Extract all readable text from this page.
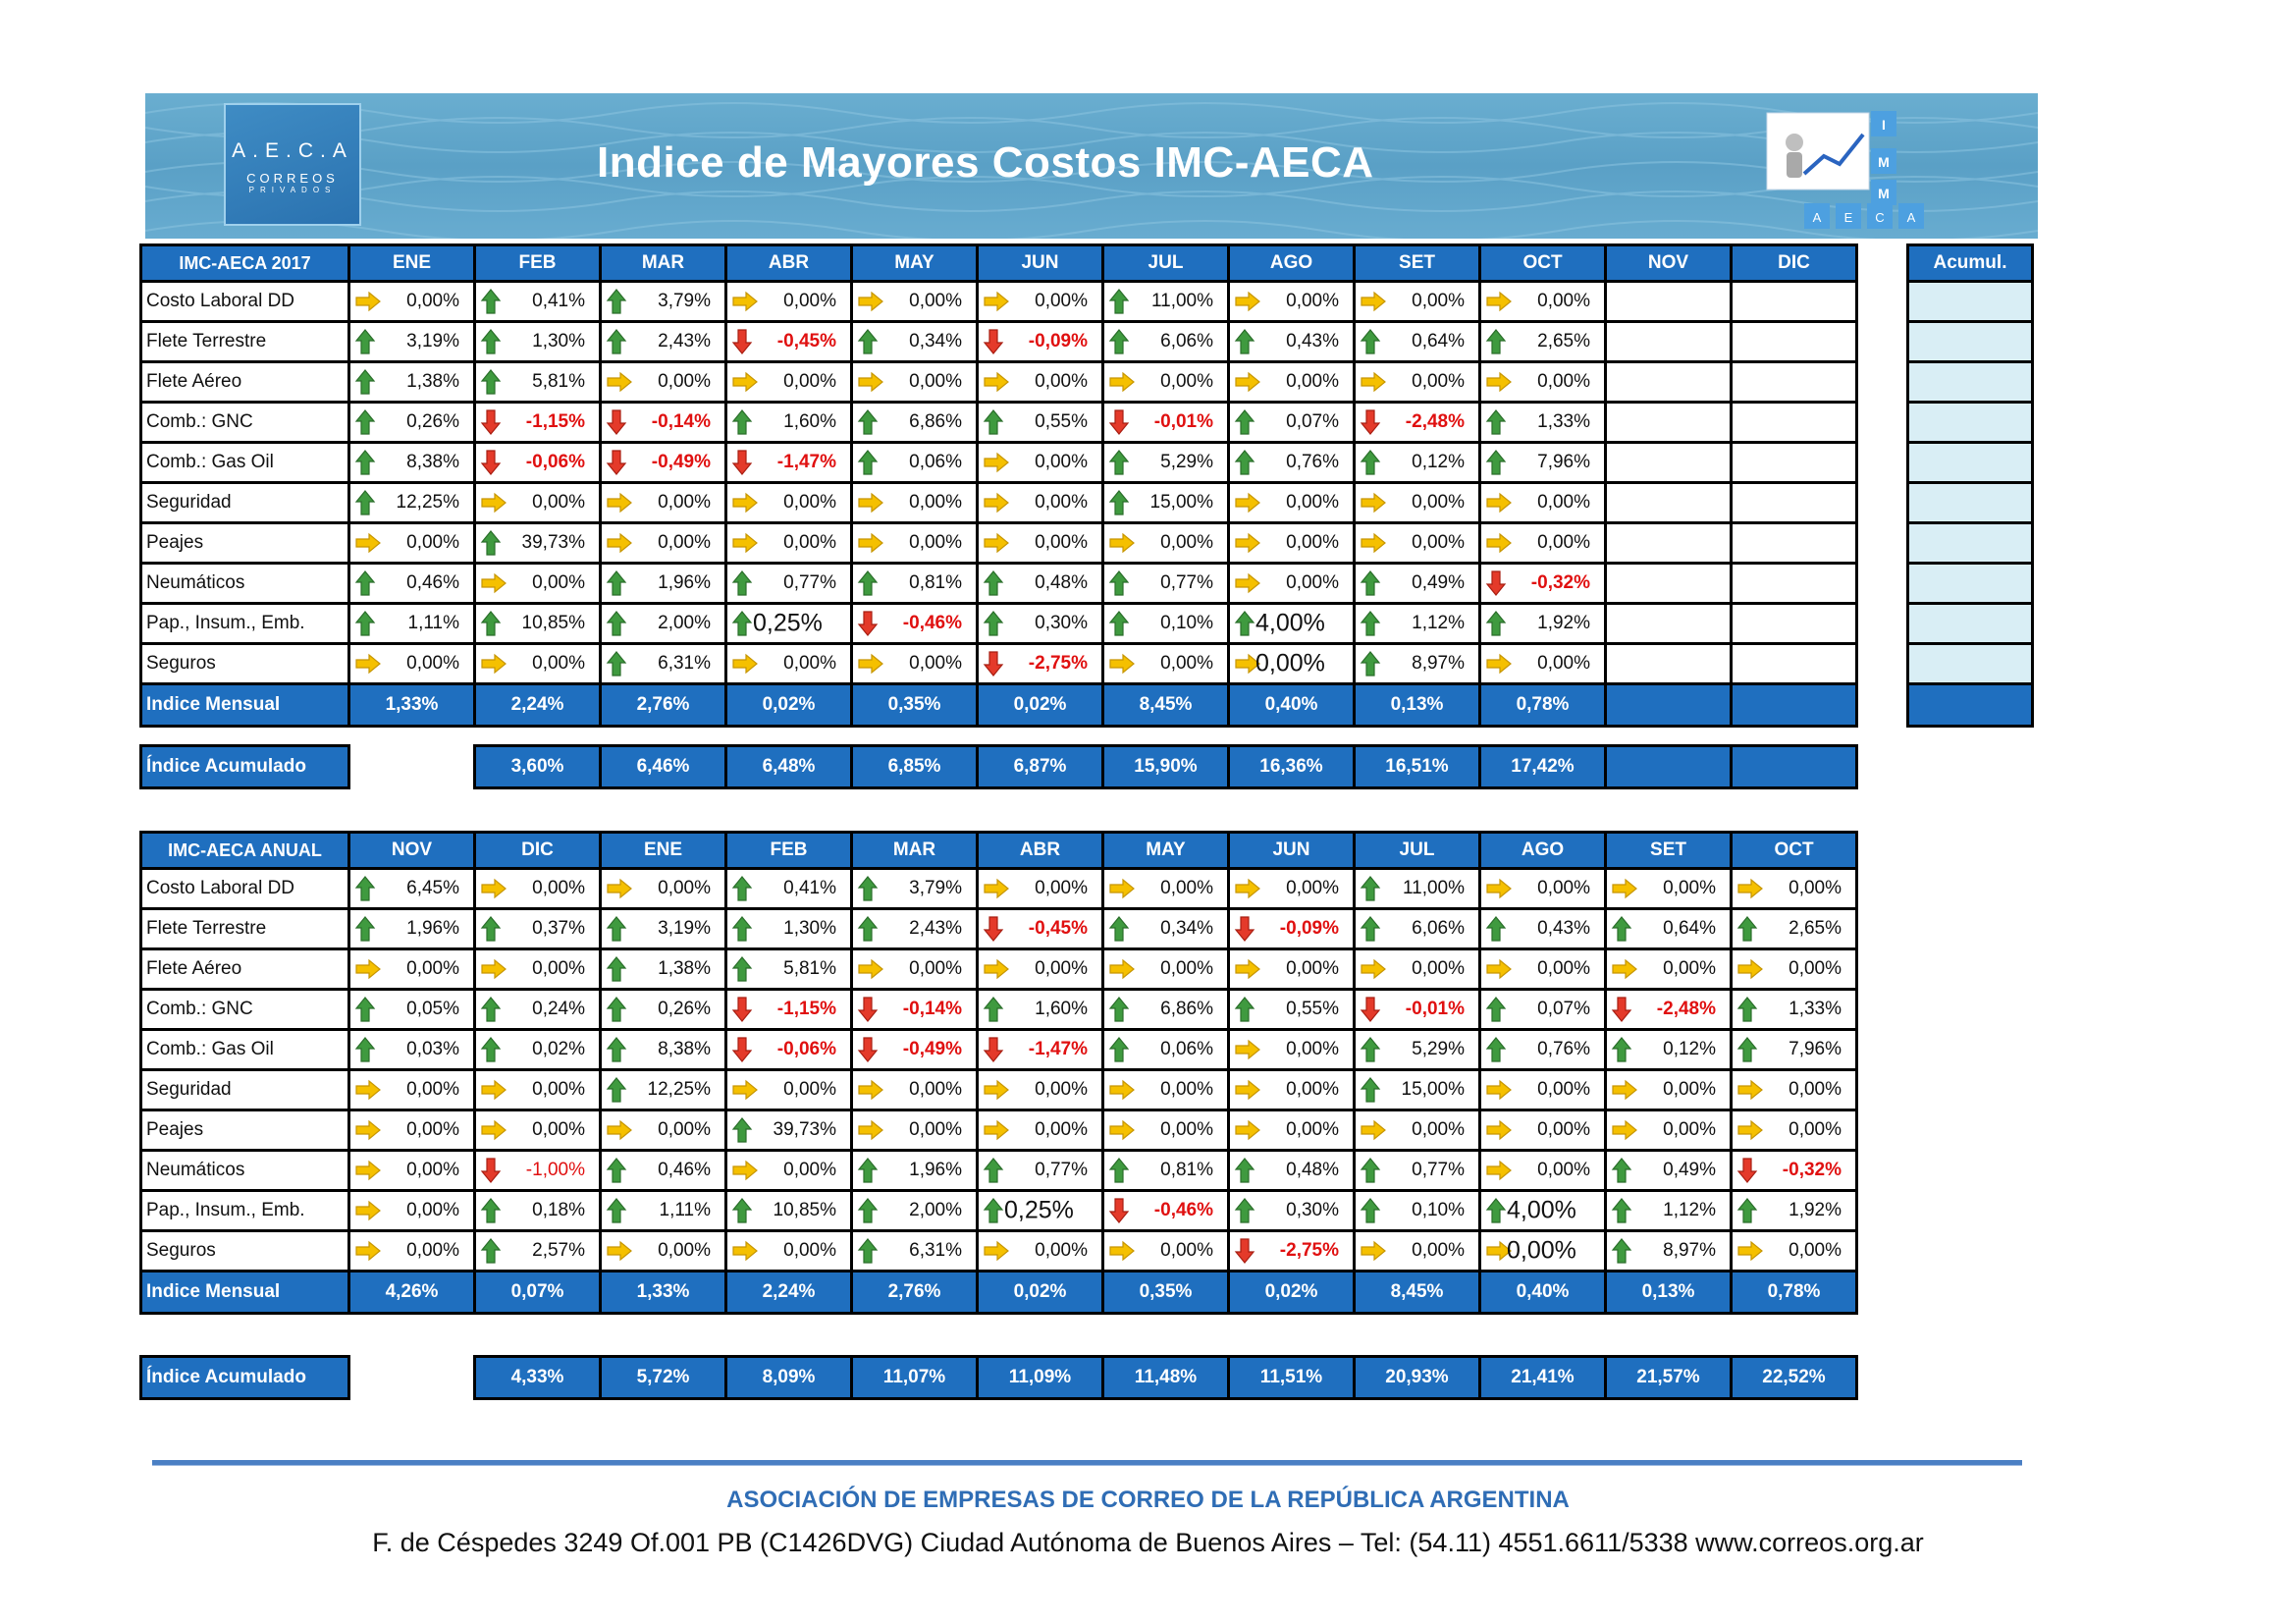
A.E.C.A
CORREOS
PRIVADOS
Indice de Mayores Costos IMC-AECA
I
M
M
A E C A
IMC-AECA 2017	ENE	FEB	MAR	ABR	MAY	JUN	JUL	AGO	SET	OCT	NOV	DIC
Costo Laboral DD	0,00%	0,41%	3,79%	0,00%	0,00%	0,00%	11,00%	0,00%	0,00%	0,00%		

Flete Terrestre	3,19%	1,30%	2,43%	-0,45%	0,34%	-0,09%	6,06%	0,43%	0,64%	2,65%		

Flete Aéreo	1,38%	5,81%	0,00%	0,00%	0,00%	0,00%	0,00%	0,00%	0,00%	0,00%		

Comb.: GNC	0,26%	-1,15%	-0,14%	1,60%	6,86%	0,55%	-0,01%	0,07%	-2,48%	1,33%		

Comb.: Gas Oil	8,38%	-0,06%	-0,49%	-1,47%	0,06%	0,00%	5,29%	0,76%	0,12%	7,96%		

Seguridad	12,25%	0,00%	0,00%	0,00%	0,00%	0,00%	15,00%	0,00%	0,00%	0,00%		

Peajes	0,00%	39,73%	0,00%	0,00%	0,00%	0,00%	0,00%	0,00%	0,00%	0,00%		

Neumáticos	0,46%	0,00%	1,96%	0,77%	0,81%	0,48%	0,77%	0,00%	0,49%	-0,32%		

Pap., Insum., Emb.	1,11%	10,85%	2,00%	0,25%	-0,46%	0,30%	0,10%	4,00%	1,12%	1,92%		

Seguros	0,00%	0,00%	6,31%	0,00%	0,00%	-2,75%	0,00%	0,00%	8,97%	0,00%		

Indice Mensual	1,33%	2,24%	2,76%	0,02%	0,35%	0,02%	8,45%	0,40%	0,13%	0,78%		
Acumul.

Índice Acumulado		3,60%	6,46%	6,48%	6,85%	6,87%	15,90%	16,36%	16,51%	17,42%		
IMC-AECA ANUAL	NOV	DIC	ENE	FEB	MAR	ABR	MAY	JUN	JUL	AGO	SET	OCT
Costo Laboral DD	6,45%	0,00%	0,00%	0,41%	3,79%	0,00%	0,00%	0,00%	11,00%	0,00%	0,00%	0,00%

Flete Terrestre	1,96%	0,37%	3,19%	1,30%	2,43%	-0,45%	0,34%	-0,09%	6,06%	0,43%	0,64%	2,65%

Flete Aéreo	0,00%	0,00%	1,38%	5,81%	0,00%	0,00%	0,00%	0,00%	0,00%	0,00%	0,00%	0,00%

Comb.: GNC	0,05%	0,24%	0,26%	-1,15%	-0,14%	1,60%	6,86%	0,55%	-0,01%	0,07%	-2,48%	1,33%

Comb.: Gas Oil	0,03%	0,02%	8,38%	-0,06%	-0,49%	-1,47%	0,06%	0,00%	5,29%	0,76%	0,12%	7,96%

Seguridad	0,00%	0,00%	12,25%	0,00%	0,00%	0,00%	0,00%	0,00%	15,00%	0,00%	0,00%	0,00%

Peajes	0,00%	0,00%	0,00%	39,73%	0,00%	0,00%	0,00%	0,00%	0,00%	0,00%	0,00%	0,00%

Neumáticos	0,00%	-1,00%	0,46%	0,00%	1,96%	0,77%	0,81%	0,48%	0,77%	0,00%	0,49%	-0,32%

Pap., Insum., Emb.	0,00%	0,18%	1,11%	10,85%	2,00%	0,25%	-0,46%	0,30%	0,10%	4,00%	1,12%	1,92%

Seguros	0,00%	2,57%	0,00%	0,00%	6,31%	0,00%	0,00%	-2,75%	0,00%	0,00%	8,97%	0,00%

Indice Mensual	4,26%	0,07%	1,33%	2,24%	2,76%	0,02%	0,35%	0,02%	8,45%	0,40%	0,13%	0,78%
Índice Acumulado		4,33%	5,72%	8,09%	11,07%	11,09%	11,48%	11,51%	20,93%	21,41%	21,57%	22,52%
ASOCIACIÓN DE EMPRESAS DE CORREO DE LA REPÚBLICA ARGENTINA
F. de Céspedes 3249 Of.001 PB (C1426DVG) Ciudad Autónoma de Buenos Aires – Tel: (54.11) 4551.6611/5338 www.correos.org.ar
